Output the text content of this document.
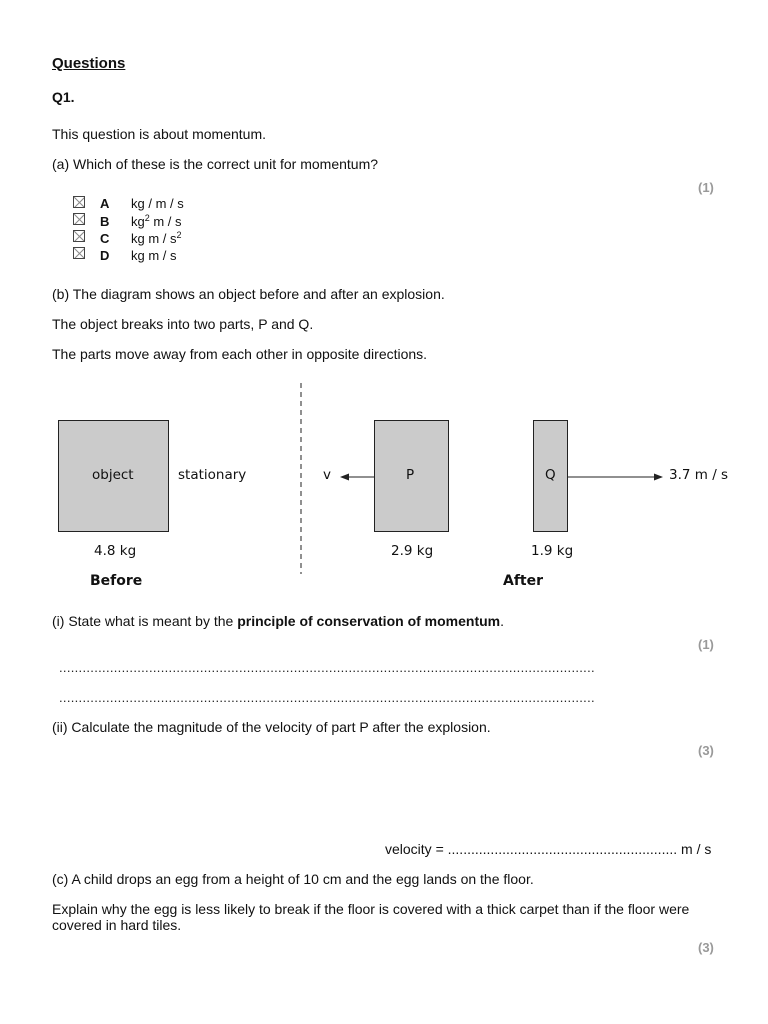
Questions
Q1.
This question is about momentum.
(a) Which of these is the correct unit for momentum?
(1)
A kg / m / s
B $kg^2$ m / s
C kg m / $s^2$
D kg m / s
(b) The diagram shows an object before and after an explosion.
The object breaks into two parts, P and Q.
The parts move away from each other in opposite directions.
object	stationary
4.8 kg
Before
v	P
2.9 kg
Q
1.9 kg
3.7 m / s
After
(i) State what is meant by the principle of conservation of momentum.
(1)
.........................................................................................................................................
.........................................................................................................................................
(ii) Calculate the magnitude of the velocity of part P after the explosion.
(3)
velocity = ........................................................... m / s
(c) A child drops an egg from a height of 10 cm and the egg lands on the floor.
Explain why the egg is less likely to break if the floor is covered with a thick carpet than if the floor were
covered in hard tiles.
(3)
